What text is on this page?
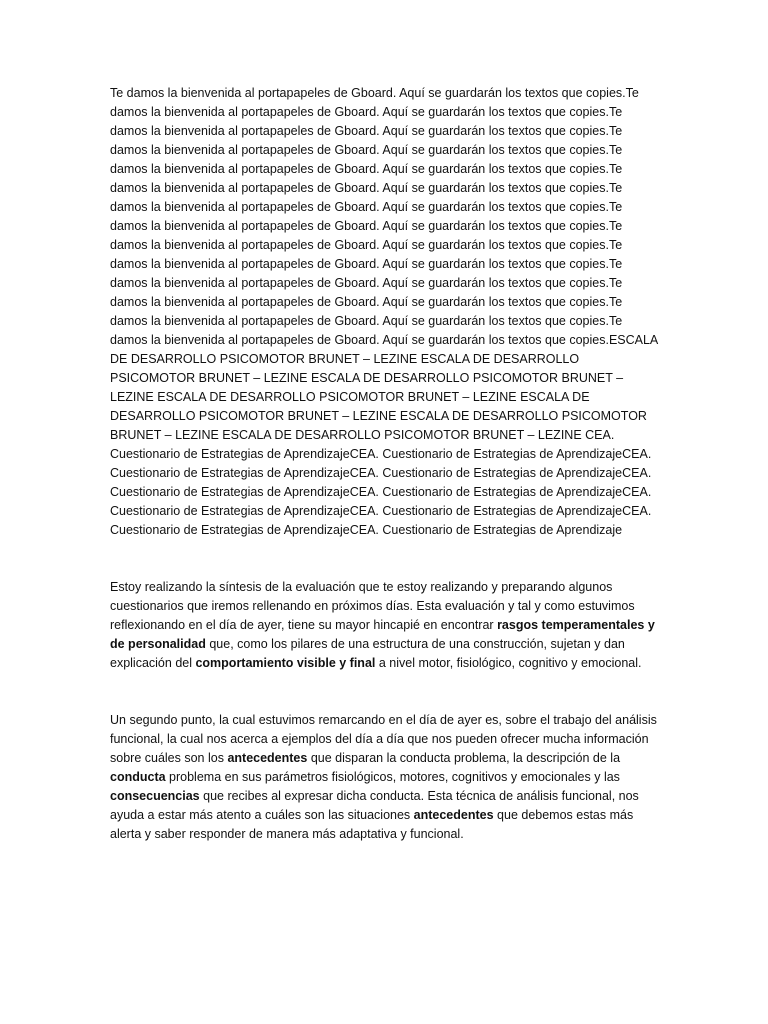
Te damos la bienvenida al portapapeles de Gboard. Aquí se guardarán los textos que copies.Te damos la bienvenida al portapapeles de Gboard. Aquí se guardarán los textos que copies.Te damos la bienvenida al portapapeles de Gboard. Aquí se guardarán los textos que copies.Te damos la bienvenida al portapapeles de Gboard. Aquí se guardarán los textos que copies.Te damos la bienvenida al portapapeles de Gboard. Aquí se guardarán los textos que copies.Te damos la bienvenida al portapapeles de Gboard. Aquí se guardarán los textos que copies.Te damos la bienvenida al portapapeles de Gboard. Aquí se guardarán los textos que copies.Te damos la bienvenida al portapapeles de Gboard. Aquí se guardarán los textos que copies.Te damos la bienvenida al portapapeles de Gboard. Aquí se guardarán los textos que copies.Te damos la bienvenida al portapapeles de Gboard. Aquí se guardarán los textos que copies.Te damos la bienvenida al portapapeles de Gboard. Aquí se guardarán los textos que copies.Te damos la bienvenida al portapapeles de Gboard. Aquí se guardarán los textos que copies.Te damos la bienvenida al portapapeles de Gboard. Aquí se guardarán los textos que copies.Te damos la bienvenida al portapapeles de Gboard. Aquí se guardarán los textos que copies.ESCALA DE DESARROLLO PSICOMOTOR BRUNET – LEZINE ESCALA DE DESARROLLO PSICOMOTOR BRUNET – LEZINE ESCALA DE DESARROLLO PSICOMOTOR BRUNET – LEZINE ESCALA DE DESARROLLO PSICOMOTOR BRUNET – LEZINE ESCALA DE DESARROLLO PSICOMOTOR BRUNET – LEZINE ESCALA DE DESARROLLO PSICOMOTOR BRUNET – LEZINE ESCALA DE DESARROLLO PSICOMOTOR BRUNET – LEZINE CEA. Cuestionario de Estrategias de AprendizajeCEA. Cuestionario de Estrategias de AprendizajeCEA. Cuestionario de Estrategias de AprendizajeCEA. Cuestionario de Estrategias de AprendizajeCEA. Cuestionario de Estrategias de AprendizajeCEA. Cuestionario de Estrategias de AprendizajeCEA. Cuestionario de Estrategias de AprendizajeCEA. Cuestionario de Estrategias de AprendizajeCEA. Cuestionario de Estrategias de AprendizajeCEA. Cuestionario de Estrategias de Aprendizaje

Estoy realizando la síntesis de la evaluación que te estoy realizando y preparando algunos cuestionarios que iremos rellenando en próximos días. Esta evaluación y tal y como estuvimos reflexionando en el día de ayer, tiene su mayor hincapié en encontrar rasgos temperamentales y de personalidad que, como los pilares de una estructura de una construcción, sujetan y dan explicación del comportamiento visible y final a nivel motor, fisiológico, cognitivo y emocional.

Un segundo punto, la cual estuvimos remarcando en el día de ayer es, sobre el trabajo del análisis funcional, la cual nos acerca a ejemplos del día a día que nos pueden ofrecer mucha información sobre cuáles son los antecedentes que disparan la conducta problema, la descripción de la conducta problema en sus parámetros fisiológicos, motores, cognitivos y emocionales y las consecuencias que recibes al expresar dicha conducta. Esta técnica de análisis funcional, nos ayuda a estar más atento a cuáles son las situaciones antecedentes que debemos estas más alerta y saber responder de manera más adaptativa y funcional.
